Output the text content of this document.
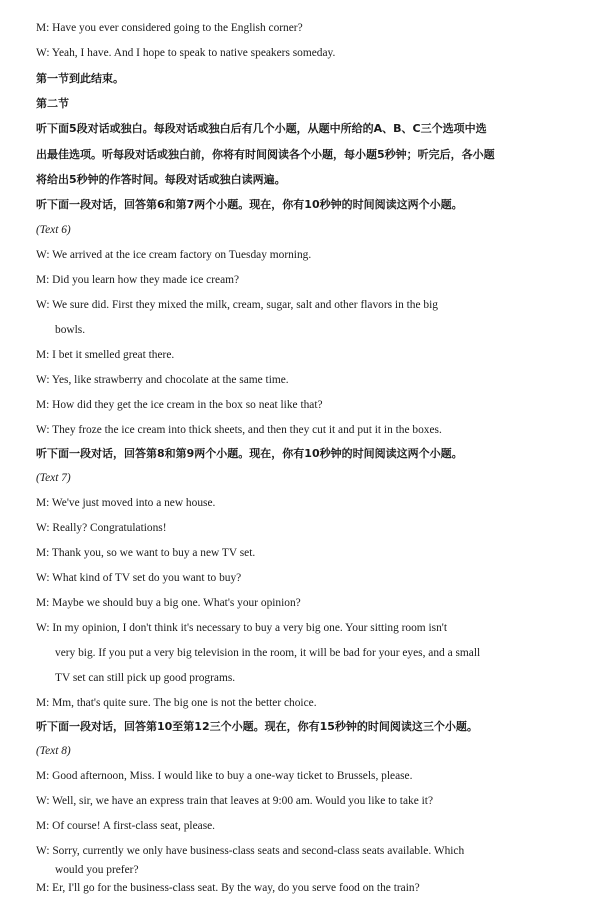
M: Have you ever considered going to the English corner?
W: Yeah, I have. And I hope to speak to native speakers someday.
第一节到此结束。
第二节
听下面5段对话或独白。每段对话或独白后有几个小题，从题中所给的A、B、C三个选项中选
出最佳选项。听每段对话或独白前，你将有时间阅读各个小题，每小题5秒钟；听完后，各小题
将给出5秒钟的作答时间。每段对话或独白读两遍。
听下面一段对话，回答第6和第7两个小题。现在，你有10秒钟的时间阅读这两个小题。
(Text 6)
W: We arrived at the ice cream factory on Tuesday morning.
M: Did you learn how they made ice cream?
W: We sure did. First they mixed the milk, cream, sugar, salt and other flavors in the big
bowls.
M: I bet it smelled great there.
W: Yes, like strawberry and chocolate at the same time.
M: How did they get the ice cream in the box so neat like that?
W: They froze the ice cream into thick sheets, and then they cut it and put it in the boxes.
听下面一段对话，回答第8和第9两个小题。现在，你有10秒钟的时间阅读这两个小题。
(Text 7)
M: We've just moved into a new house.
W: Really? Congratulations!
M: Thank you, so we want to buy a new TV set.
W: What kind of TV set do you want to buy?
M: Maybe we should buy a big one. What's your opinion?
W: In my opinion, I don't think it's necessary to buy a very big one. Your sitting room isn't
very big. If you put a very big television in the room, it will be bad for your eyes, and a small
TV set can still pick up good programs.
M: Mm, that's quite sure. The big one is not the better choice.
听下面一段对话，回答第10至第12三个小题。现在，你有15秒钟的时间阅读这三个小题。
(Text 8)
M: Good afternoon, Miss. I would like to buy a one-way ticket to Brussels, please.
W: Well, sir, we have an express train that leaves at 9:00 am. Would you like to take it?
M: Of course! A first-class seat, please.
W: Sorry, currently we only have business-class seats and second-class seats available. Which
would you prefer?
M: Er, I'll go for the business-class seat. By the way, do you serve food on the train?
